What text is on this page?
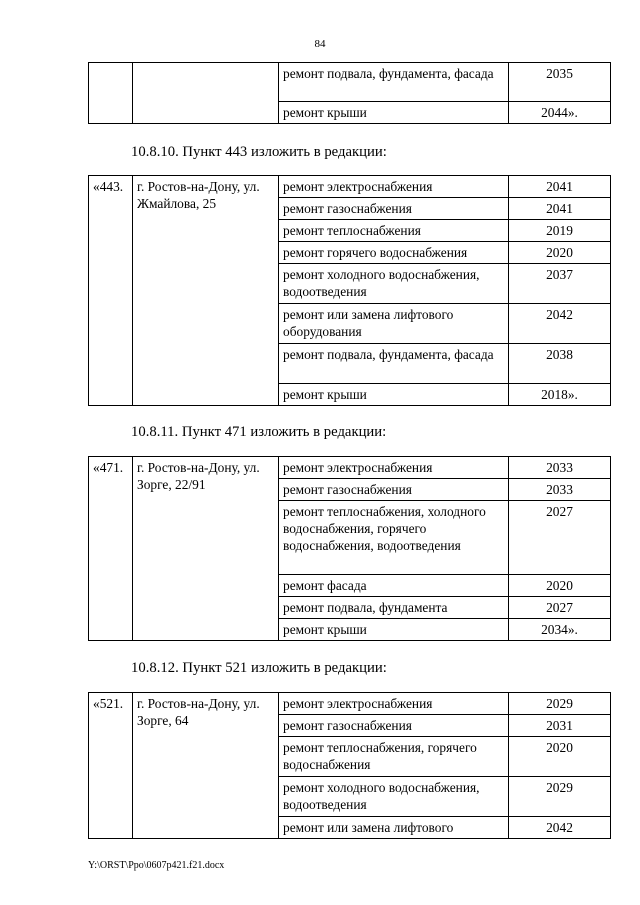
84
		ремонт подвала, фундамента, фасада	2035
		ремонт крыши	2044».
10.8.10. Пункт 443 изложить в редакции:
«443.	г. Ростов-на-Дону, ул. Жмайлова, 25	ремонт электроснабжения	2041
		ремонт газоснабжения	2041
		ремонт теплоснабжения	2019
		ремонт горячего водоснабжения	2020
		ремонт холодного водоснабжения, водоотведения	2037
		ремонт или замена лифтового оборудования	2042
		ремонт подвала, фундамента, фасада	2038
		ремонт крыши	2018».
10.8.11. Пункт 471 изложить в редакции:
«471.	г. Ростов-на-Дону, ул. Зорге, 22/91	ремонт электроснабжения	2033
		ремонт газоснабжения	2033
		ремонт теплоснабжения, холодного водоснабжения, горячего водоснабжения, водоотведения	2027
		ремонт фасада	2020
		ремонт подвала, фундамента	2027
		ремонт крыши	2034».
10.8.12. Пункт 521 изложить в редакции:
«521.	г. Ростов-на-Дону, ул. Зорге, 64	ремонт электроснабжения	2029
		ремонт газоснабжения	2031
		ремонт теплоснабжения, горячего водоснабжения	2020
		ремонт холодного водоснабжения, водоотведения	2029
		ремонт или замена лифтового	2042
Y:\ORST\Ppo\0607p421.f21.docx
